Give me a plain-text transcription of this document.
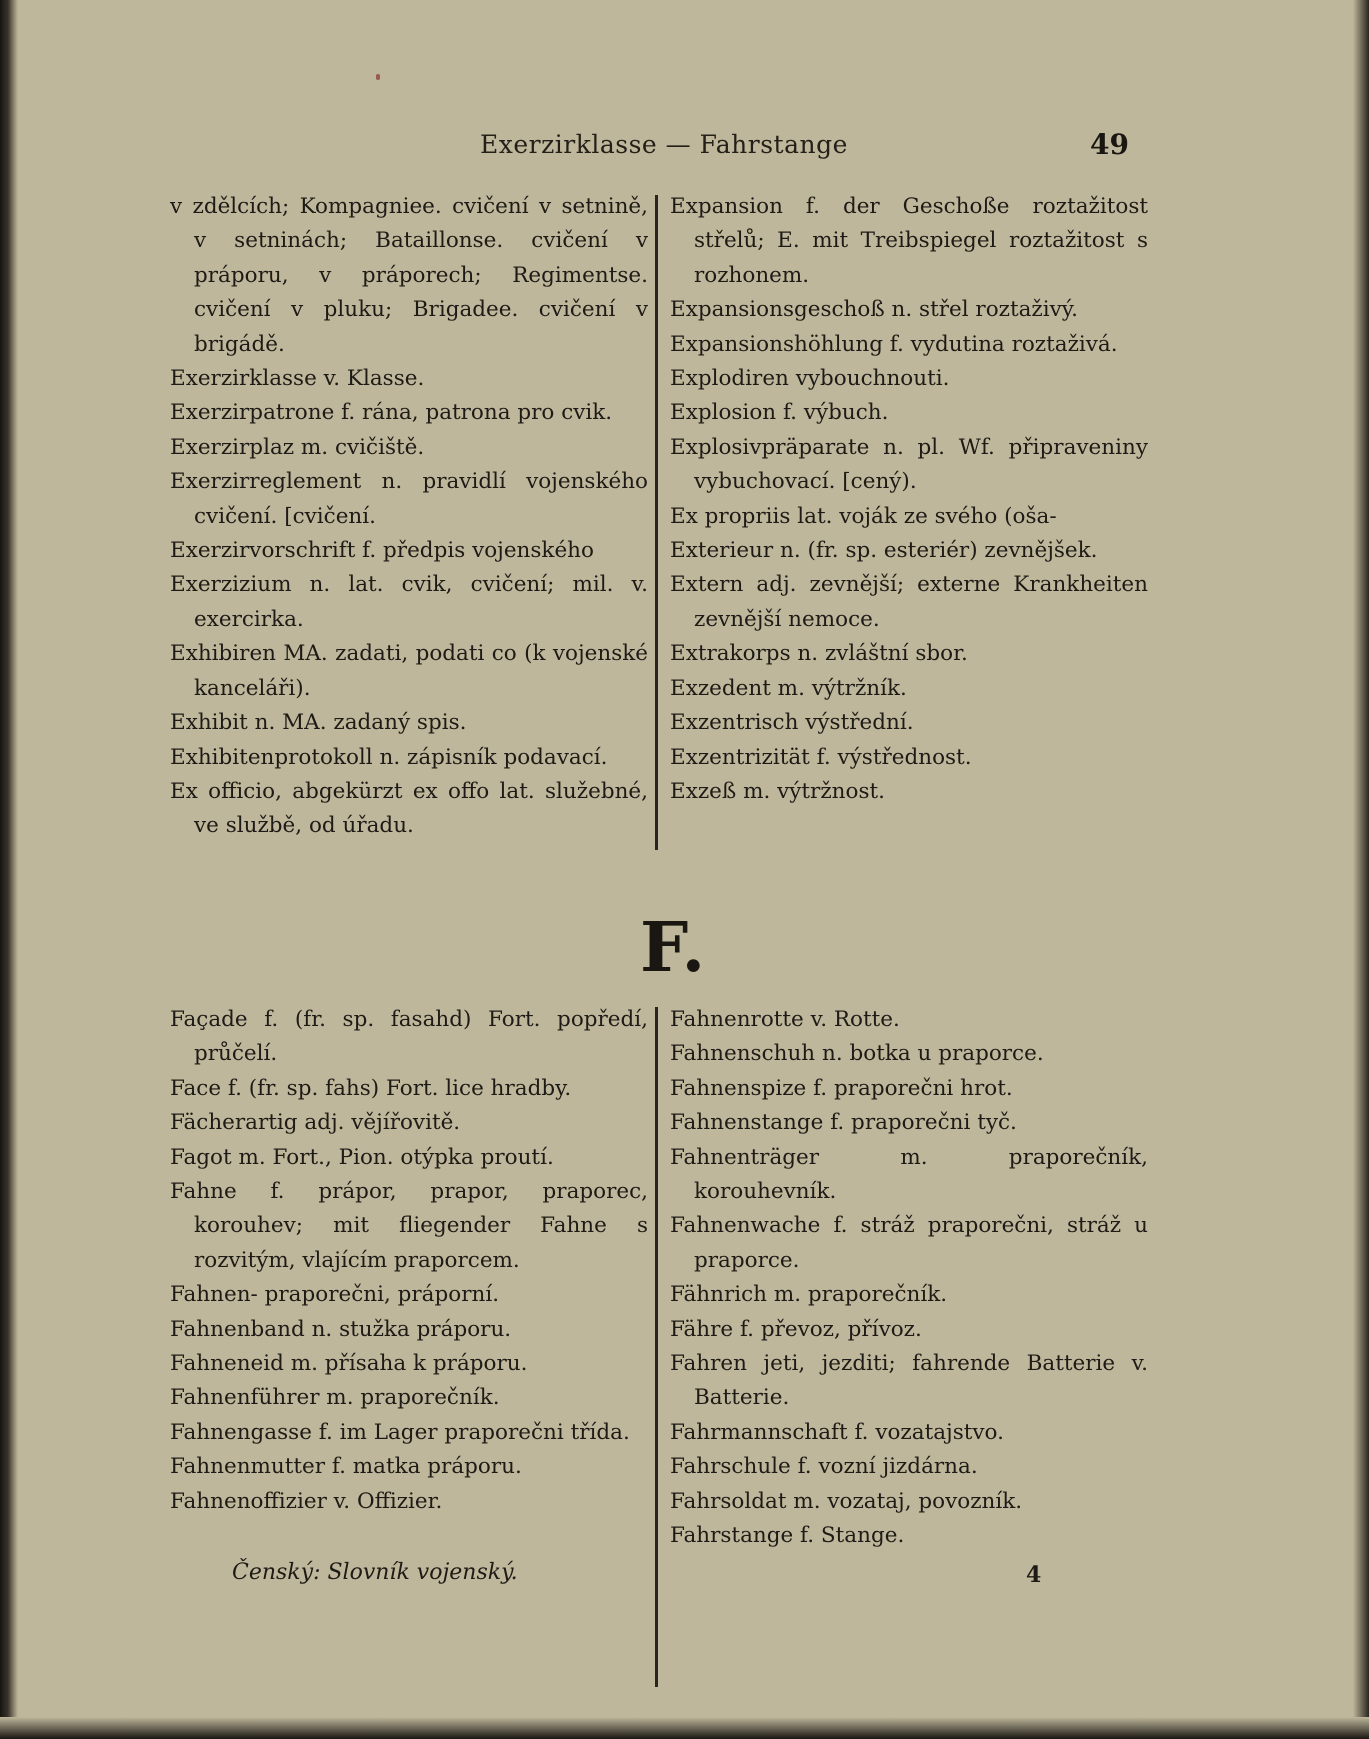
Exerzirklasse — Fahrstange	49

v zdělcích; Kompagniee. cvičení v setnině, v setninách; Bataillonse. cvičení v práporu, v práporech; Regimentse. cvičení v pluku; Brigadee. cvičení v brigádě.

Exerzirklasse v. Klasse.

Exerzirpatrone f. rána, patrona pro cvik.

Exerzirplaz m. cvičiště.

Exerzirreglement n. pravidlí vojenského cvičení. [cvičení.

Exerzirvorschrift f. předpis vojenského

Exerzizium n. lat. cvik, cvičení; mil. v. exercirka.

Exhibiren MA. zadati, podati co (k vojenské kanceláři).

Exhibit n. MA. zadaný spis.

Exhibitenprotokoll n. zápisník podavací.

Ex officio, abgekürzt ex offo lat. služebné, ve službě, od úřadu.

Expansion f. der Geschoße roztažitost střelů; E. mit Treibspiegel roztažitost s rozhonem.

Expansionsgeschoß n. střel roztaživý.

Expansionshöhlung f. vydutina roztaživá.

Explodiren vybouchnouti.

Explosion f. výbuch.

Explosivpräparate n. pl. Wf. připraveniny vybuchovací. [cený).

Ex propriis lat. voják ze svého (oša-

Exterieur n. (fr. sp. esteriér) zevnějšek.

Extern adj. zevnější; externe Krankheiten zevnější nemoce.

Extrakorps n. zvláštní sbor.

Exzedent m. výtržník.

Exzentrisch výstřední.

Exzentrizität f. výstřednost.

Exzeß m. výtržnost.

F.

Façade f. (fr. sp. fasahd) Fort. popředí, průčelí.

Face f. (fr. sp. fahs) Fort. lice hradby.

Fächerartig adj. vějířovitě.

Fagot m. Fort., Pion. otýpka proutí.

Fahne f. prápor, prapor, praporec, korouhev; mit fliegender Fahne s rozvitým, vlajícím praporcem.

Fahnen- praporečni, práporní.

Fahnenband n. stužka práporu.

Fahneneid m. přísaha k práporu.

Fahnenführer m. praporečník.

Fahnengasse f. im Lager praporečni třída.

Fahnenmutter f. matka práporu.

Fahnenoffizier v. Offizier.

Fahnenrotte v. Rotte.

Fahnenschuh n. botka u praporce.

Fahnenspize f. praporečni hrot.

Fahnenstange f. praporečni tyč.

Fahnenträger m. praporečník, korouhevník.

Fahnenwache f. stráž praporečni, stráž u praporce.

Fähnrich m. praporečník.

Fähre f. převoz, přívoz.

Fahren jeti, jezditi; fahrende Batterie v. Batterie.

Fahrmannschaft f. vozatajstvo.

Fahrschule f. vozní jizdárna.

Fahrsoldat m. vozataj, povozník.

Fahrstange f. Stange.

Čenský: Slovník vojenský.	4
